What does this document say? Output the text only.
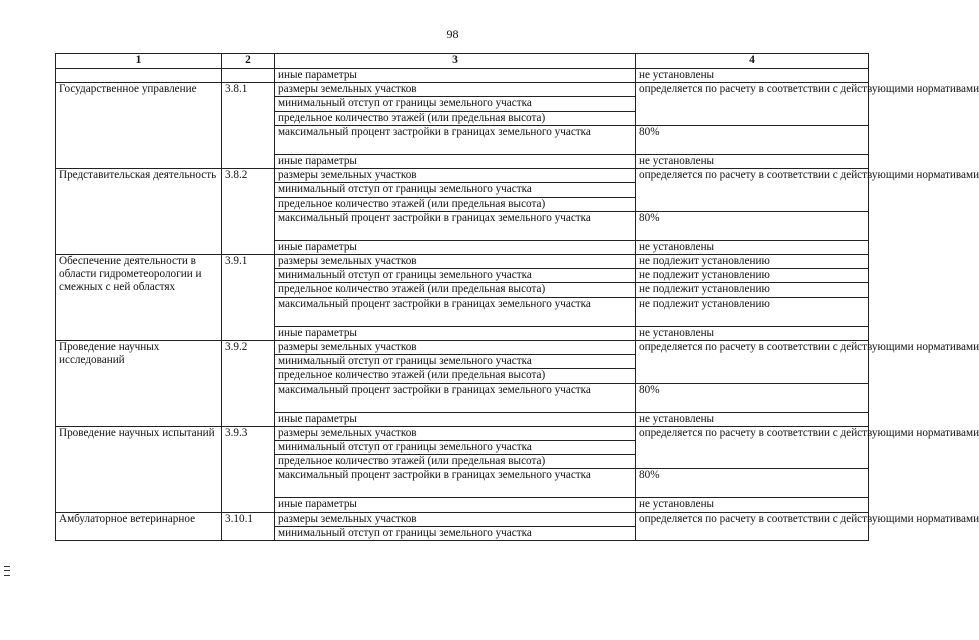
98
1	2	3	4
		иные параметры	не установлены
Государственное управление	3.8.1	размеры земельных участков	определяется по расчету в соответствии с действующими нормативами
		минимальный отступ от границы земельного участка	
		предельное количество этажей (или предельная высота)	
		максимальный процент застройки в границах земельного участка	80%
		иные параметры	не установлены
Представительская деятельность	3.8.2	размеры земельных участков	определяется по расчету в соответствии с действующими нормативами
		минимальный отступ от границы земельного участка	
		предельное количество этажей (или предельная высота)	
		максимальный процент застройки в границах земельного участка	80%
		иные параметры	не установлены
Обеспечение деятельности в области гидрометеорологии и смежных с ней областях	3.9.1	размеры земельных участков	не подлежит установлению
		минимальный отступ от границы земельного участка	не подлежит установлению
		предельное количество этажей (или предельная высота)	не подлежит установлению
		максимальный процент застройки в границах земельного участка	не подлежит установлению
		иные параметры	не установлены
Проведение научных исследований	3.9.2	размеры земельных участков	определяется по расчету в соответствии с действующими нормативами
		минимальный отступ от границы земельного участка	
		предельное количество этажей (или предельная высота)	
		максимальный процент застройки в границах земельного участка	80%
		иные параметры	не установлены
Проведение научных испытаний	3.9.3	размеры земельных участков	определяется по расчету в соответствии с действующими нормативами
		минимальный отступ от границы земельного участка	
		предельное количество этажей (или предельная высота)	
		максимальный процент застройки в границах земельного участка	80%
		иные параметры	не установлены
Амбулаторное ветеринарное	3.10.1	размеры земельных участков	определяется по расчету в соответствии с действующими нормативами
		минимальный отступ от границы земельного участка	
